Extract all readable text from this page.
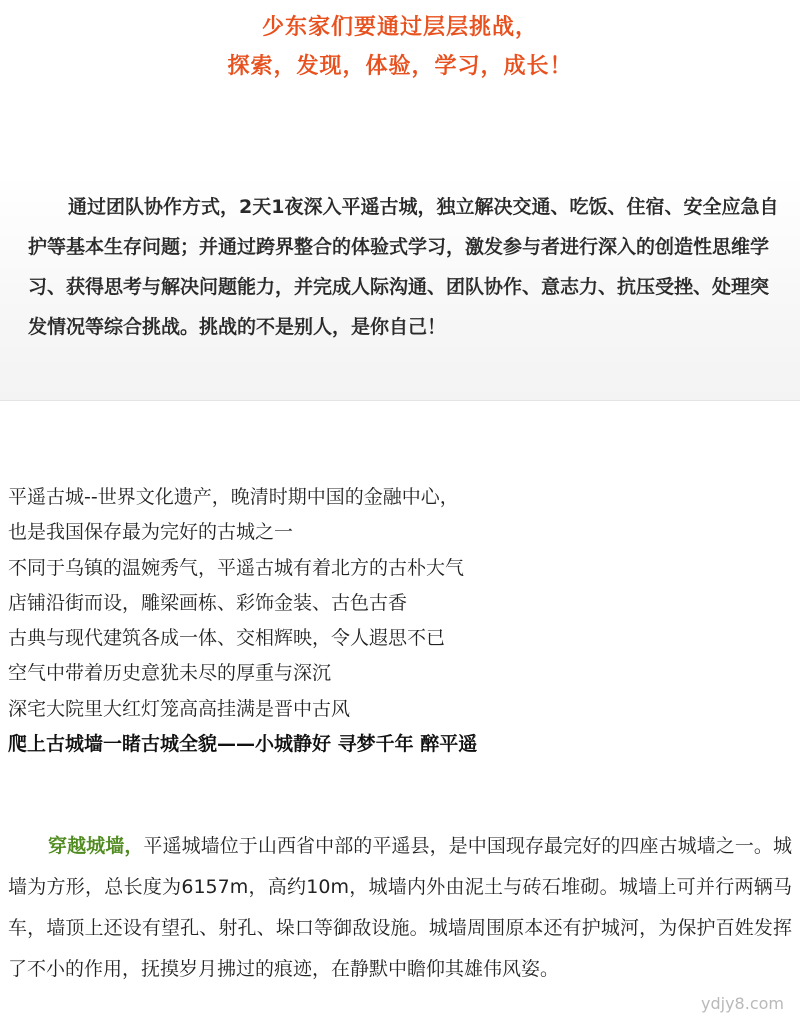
少东家们要通过层层挑战，
探索，发现，体验，学习，成长！

通过团队协作方式，2天1夜深入平遥古城，独立解决交通、吃饭、住宿、安全应急自护等基本生存问题；并通过跨界整合的体验式学习，激发参与者进行深入的创造性思维学习、获得思考与解决问题能力，并完成人际沟通、团队协作、意志力、抗压受挫、处理突发情况等综合挑战。挑战的不是别人，是你自己！

平遥古城--世界文化遗产，晚清时期中国的金融中心，
也是我国保存最为完好的古城之一
不同于乌镇的温婉秀气，平遥古城有着北方的古朴大气
店铺沿街而设，雕梁画栋、彩饰金装、古色古香
古典与现代建筑各成一体、交相辉映，令人遐思不已
空气中带着历史意犹未尽的厚重与深沉
深宅大院里大红灯笼高高挂满是晋中古风
爬上古城墙一睹古城全貌——小城静好 寻梦千年 醉平遥

穿越城墙，平遥城墙位于山西省中部的平遥县，是中国现存最完好的四座古城墙之一。城墙为方形，总长度为6157m，高约10m，城墙内外由泥土与砖石堆砌。城墙上可并行两辆马车，墙顶上还设有望孔、射孔、垛口等御敌设施。城墙周围原本还有护城河，为保护百姓发挥了不小的作用，抚摸岁月拂过的痕迹，在静默中瞻仰其雄伟风姿。

ydjy8.com
